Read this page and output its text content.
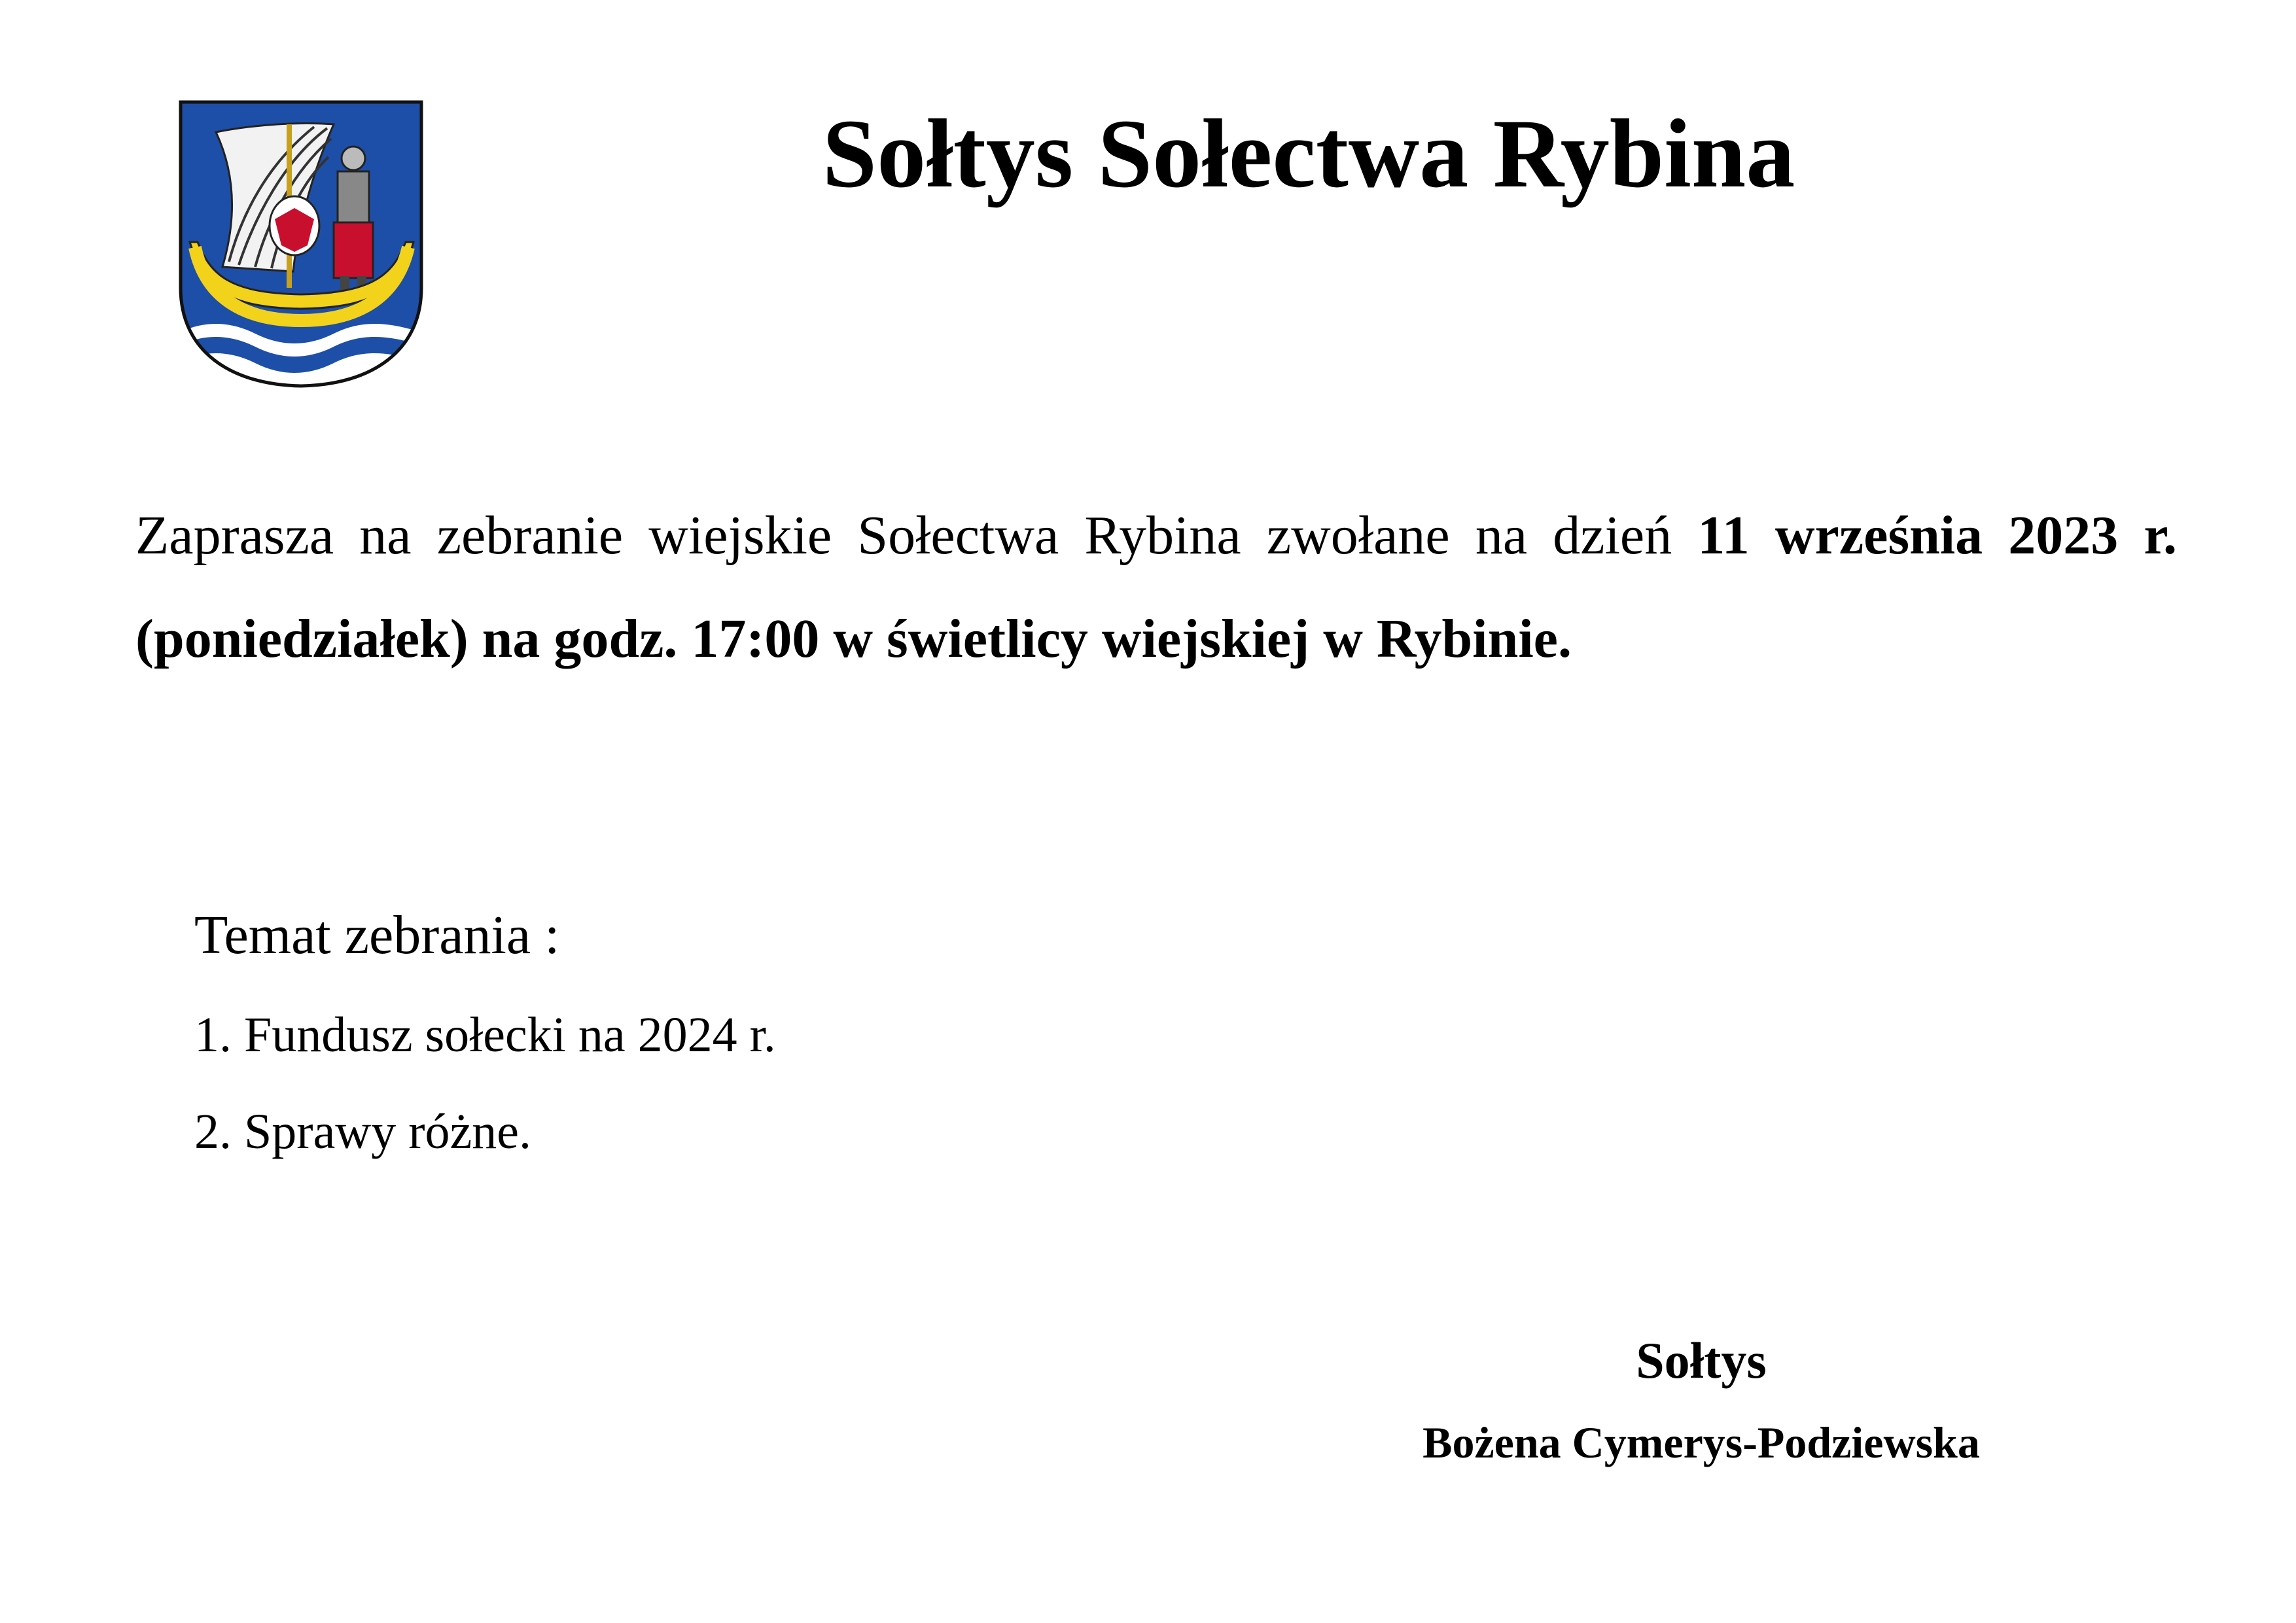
Sołtys Sołectwa Rybina

Zaprasza na zebranie wiejskie Sołectwa Rybina zwołane na dzień 11 września 2023 r. (poniedziałek) na godz. 17:00 w świetlicy wiejskiej w Rybinie.

Temat zebrania :

1. Fundusz sołecki na 2024 r.

2. Sprawy różne.

Sołtys

Bożena Cymerys-Podziewska
